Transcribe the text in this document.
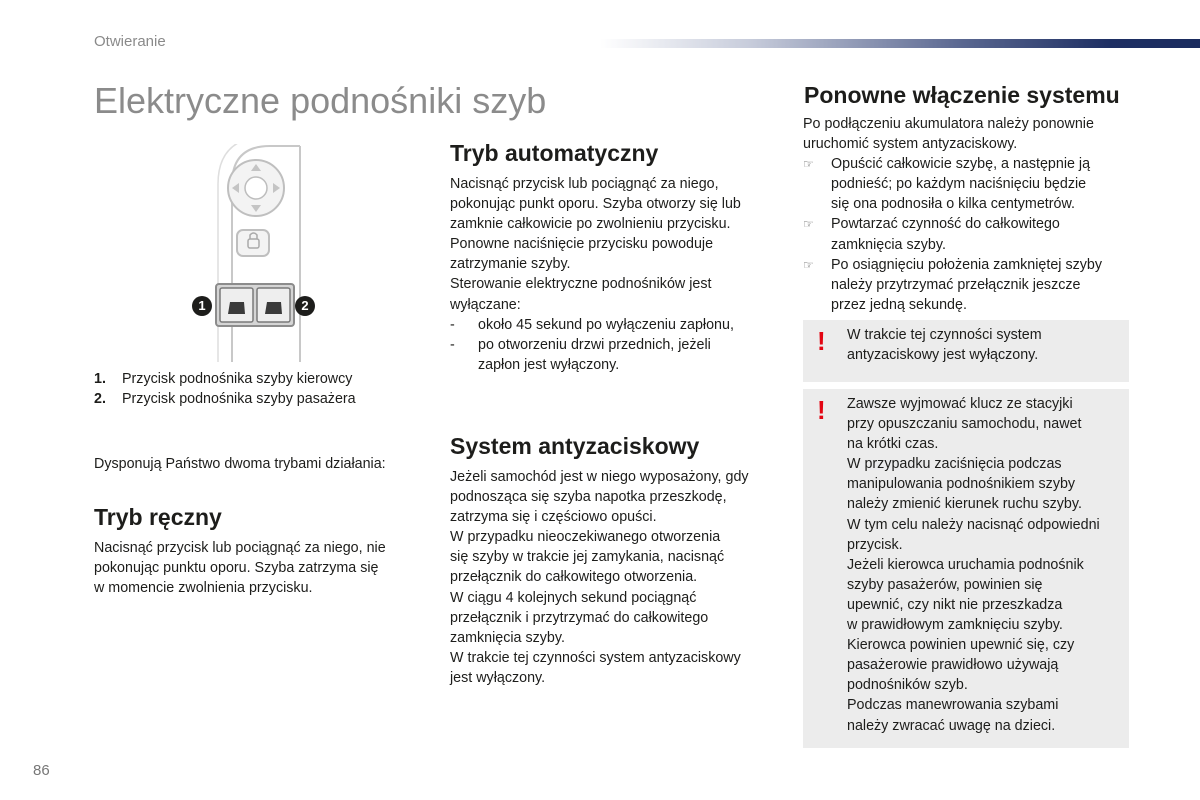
Otwieranie
Elektryczne podnośniki szyb
1	2
1. Przycisk podnośnika szyby kierowcy
2. Przycisk podnośnika szyby pasażera
Dysponują Państwo dwoma trybami działania:
Tryb ręczny

Nacisnąć przycisk lub pociągnąć za niego, nie

pokonując punktu oporu. Szyba zatrzyma się

w momencie zwolnienia przycisku.

Tryb automatyczny

Nacisnąć przycisk lub pociągnąć za niego,

pokonując punkt oporu. Szyba otworzy się lub

zamknie całkowicie po zwolnieniu przycisku.

Ponowne naciśnięcie przycisku powoduje

zatrzymanie szyby.

Sterowanie elektryczne podnośników jest

wyłączane:

- około 45 sekund po wyłączeniu zapłonu,
- po otworzeniu drzwi przednich, jeżeli
zapłon jest wyłączony.
System antyzaciskowy

Jeżeli samochód jest w niego wyposażony, gdy

podnosząca się szyba napotka przeszkodę,

zatrzyma się i częściowo opuści.

W przypadku nieoczekiwanego otworzenia

się szyby w trakcie jej zamykania, nacisnąć

przełącznik do całkowitego otworzenia.

W ciągu 4 kolejnych sekund pociągnąć

przełącznik i przytrzymać do całkowitego

zamknięcia szyby.

W trakcie tej czynności system antyzaciskowy

jest wyłączony.

Ponowne włączenie systemu

Po podłączeniu akumulatora należy ponownie

uruchomić system antyzaciskowy.

☞ Opuścić całkowicie szybę, a następnie ją
podnieść; po każdym naciśnięciu będzie
się ona podnosiła o kilka centymetrów.
☞ Powtarzać czynność do całkowitego
zamknięcia szyby.
☞ Po osiągnięciu położenia zamkniętej szyby
należy przytrzymać przełącznik jeszcze
przez jedną sekundę.
! W trakcie tej czynności system

antyzaciskowy jest wyłączony.

! Zawsze wyjmować klucz ze stacyjki

przy opuszczaniu samochodu, nawet

na krótki czas.

W przypadku zaciśnięcia podczas

manipulowania podnośnikiem szyby

należy zmienić kierunek ruchu szyby.

W tym celu należy nacisnąć odpowiedni

przycisk.

Jeżeli kierowca uruchamia podnośnik

szyby pasażerów, powinien się

upewnić, czy nikt nie przeszkadza

w prawidłowym zamknięciu szyby.

Kierowca powinien upewnić się, czy

pasażerowie prawidłowo używają

podnośników szyb.

Podczas manewrowania szybami

należy zwracać uwagę na dzieci.

86
